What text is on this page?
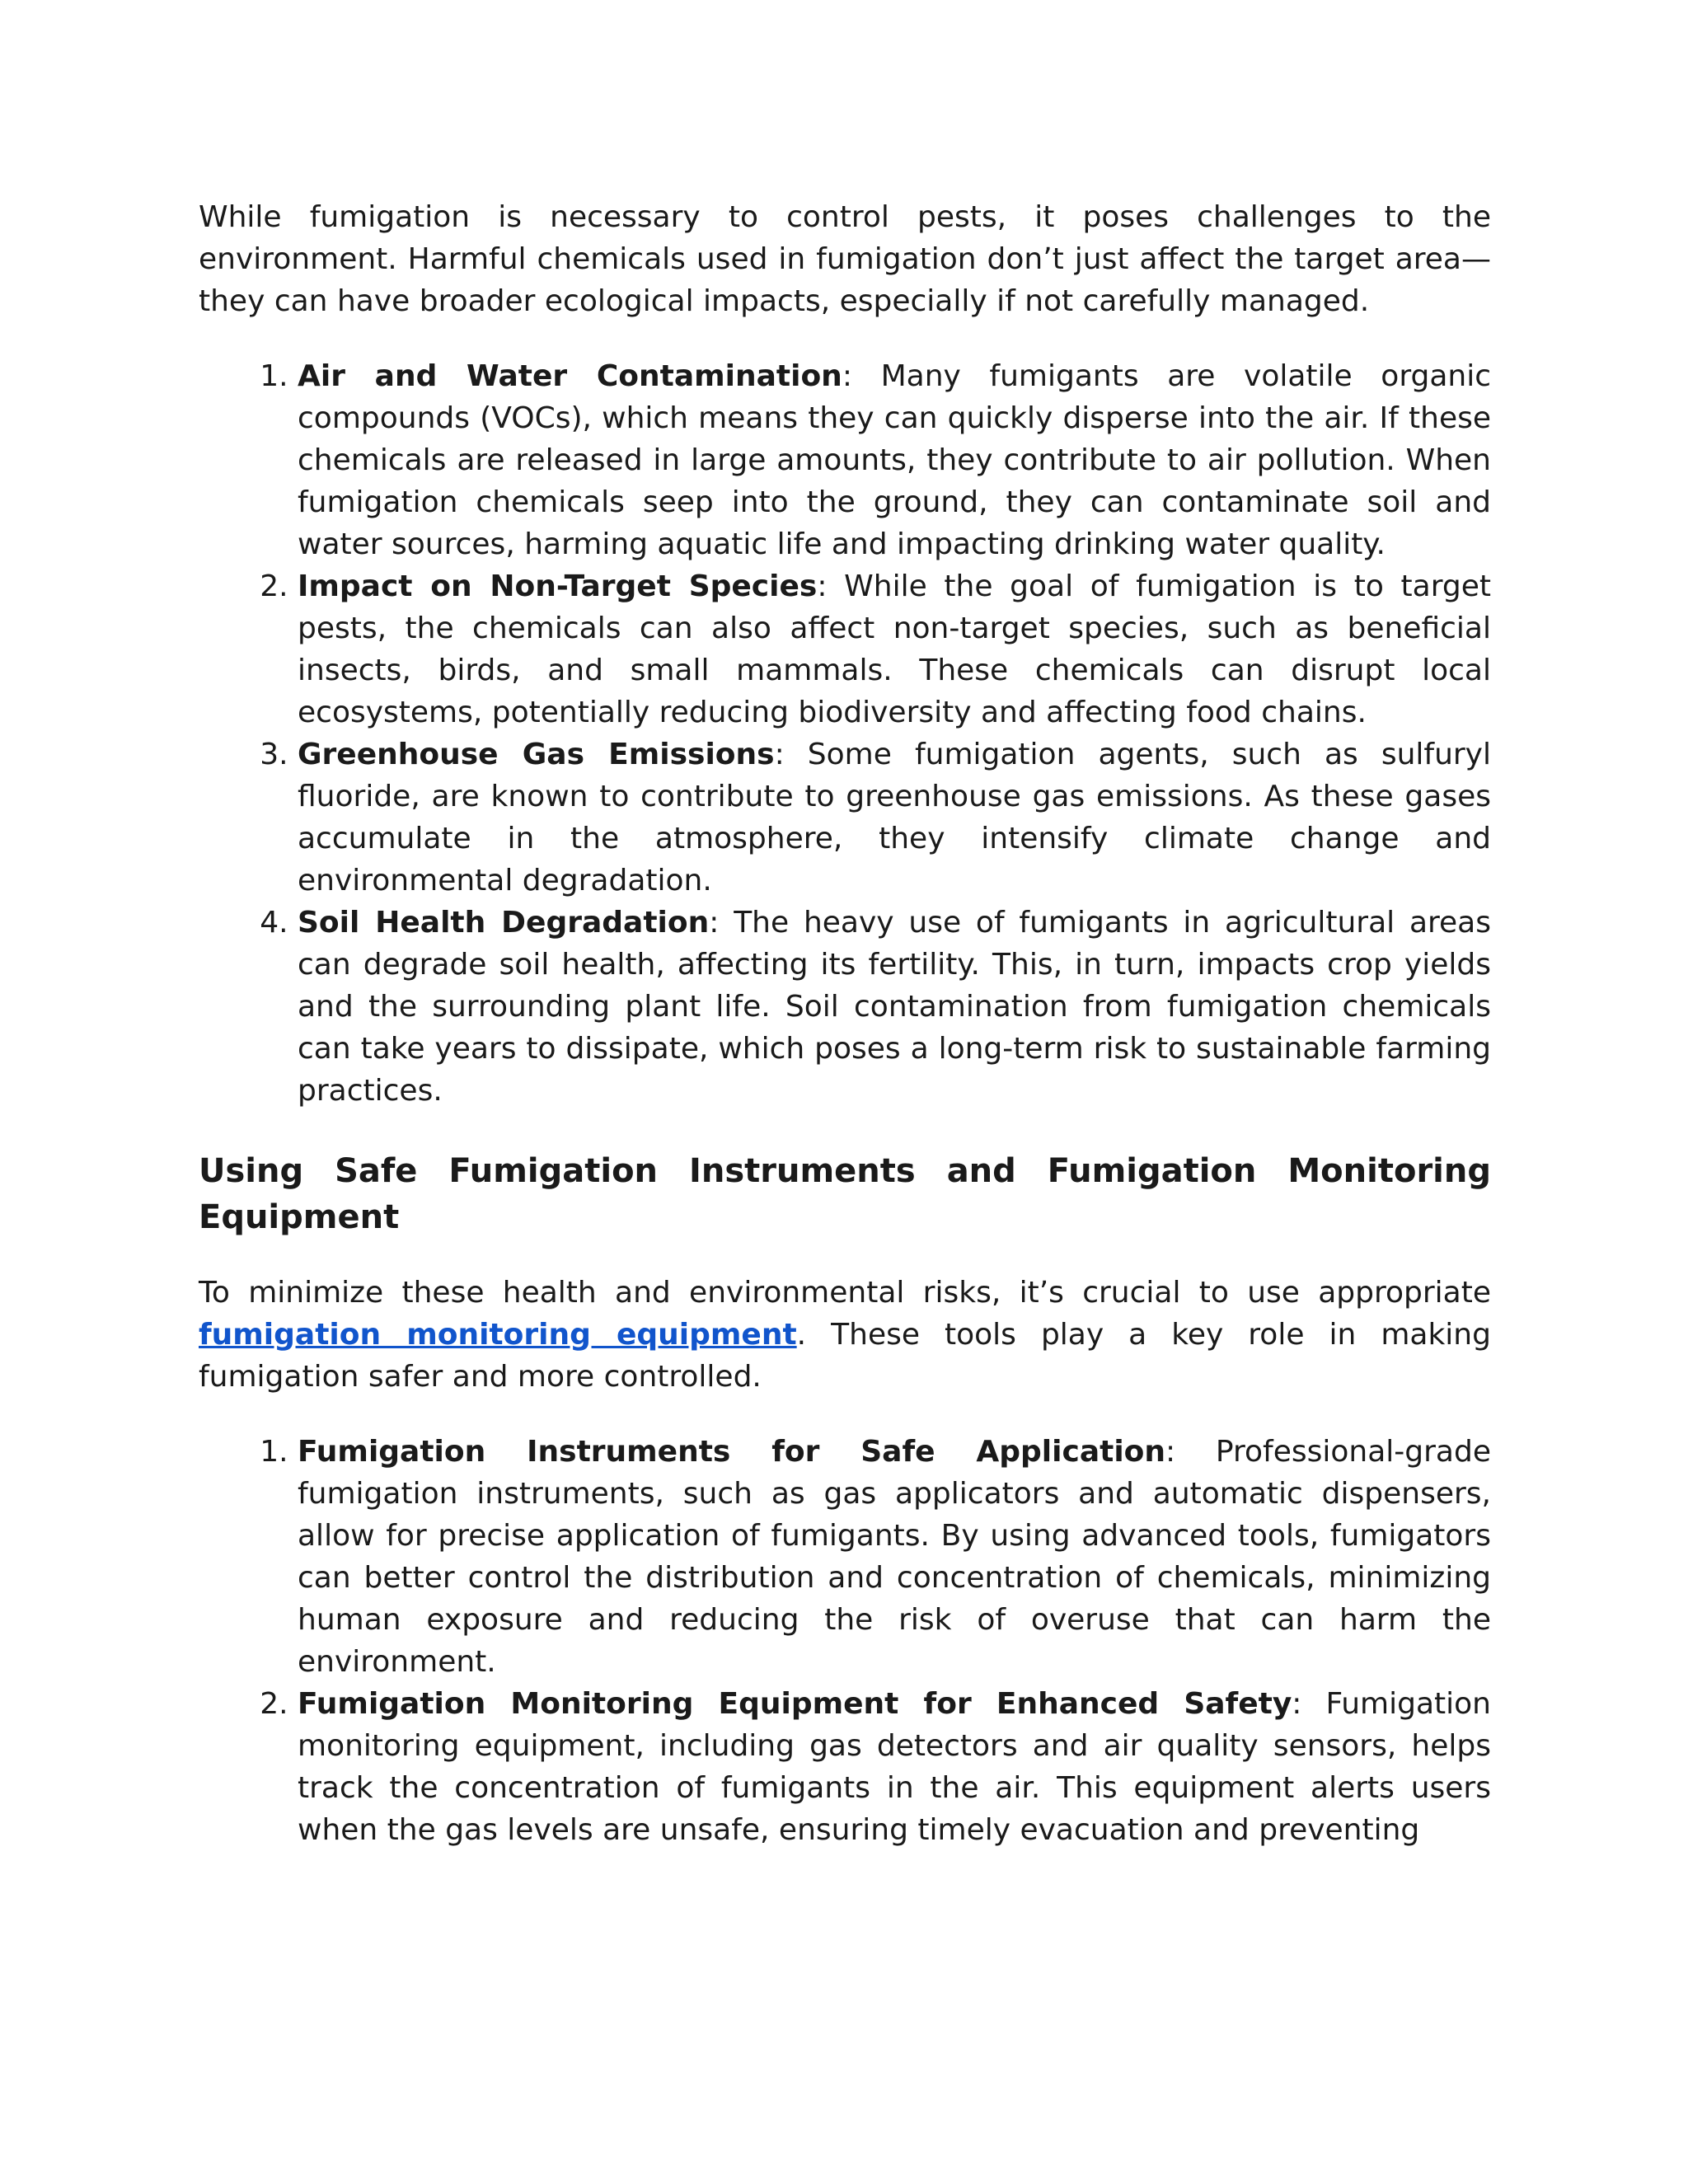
While fumigation is necessary to control pests, it poses challenges to the environment. Harmful chemicals used in fumigation don’t just affect the target area—they can have broader ecological impacts, especially if not carefully managed.

1. Air and Water Contamination: Many fumigants are volatile organic compounds (VOCs), which means they can quickly disperse into the air. If these chemicals are released in large amounts, they contribute to air pollution. When fumigation chemicals seep into the ground, they can contaminate soil and water sources, harming aquatic life and impacting drinking water quality.
2. Impact on Non-Target Species: While the goal of fumigation is to target pests, the chemicals can also affect non-target species, such as beneficial insects, birds, and small mammals. These chemicals can disrupt local ecosystems, potentially reducing biodiversity and affecting food chains.
3. Greenhouse Gas Emissions: Some fumigation agents, such as sulfuryl fluoride, are known to contribute to greenhouse gas emissions. As these gases accumulate in the atmosphere, they intensify climate change and environmental degradation.
4. Soil Health Degradation: The heavy use of fumigants in agricultural areas can degrade soil health, affecting its fertility. This, in turn, impacts crop yields and the surrounding plant life. Soil contamination from fumigation chemicals can take years to dissipate, which poses a long-term risk to sustainable farming practices.
Using Safe Fumigation Instruments and Fumigation Monitoring Equipment

To minimize these health and environmental risks, it’s crucial to use appropriate fumigation monitoring equipment. These tools play a key role in making fumigation safer and more controlled.

1. Fumigation Instruments for Safe Application: Professional-grade fumigation instruments, such as gas applicators and automatic dispensers, allow for precise application of fumigants. By using advanced tools, fumigators can better control the distribution and concentration of chemicals, minimizing human exposure and reducing the risk of overuse that can harm the environment.
2. Fumigation Monitoring Equipment for Enhanced Safety: Fumigation monitoring equipment, including gas detectors and air quality sensors, helps track the concentration of fumigants in the air. This equipment alerts users when the gas levels are unsafe, ensuring timely evacuation and preventing
